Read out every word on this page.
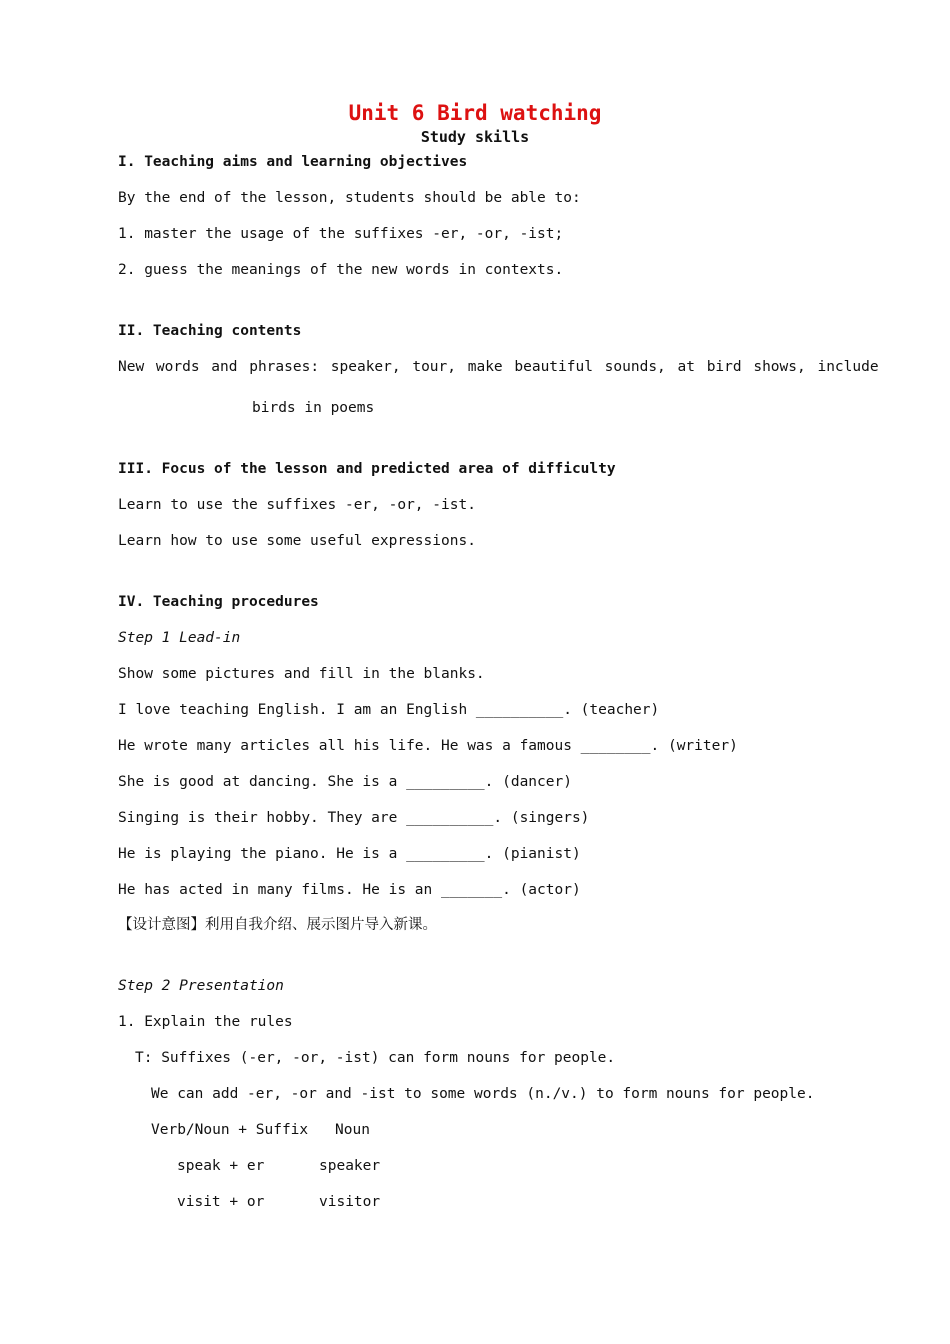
Unit 6 Bird watching
Study skills
I. Teaching aims and learning objectives
By the end of the lesson, students should be able to:
1. master the usage of the suffixes -er, -or, -ist;
2. guess the meanings of the new words in contexts.
II. Teaching contents
New words and phrases: speaker, tour, make beautiful sounds, at bird shows, include
birds in poems
III. Focus of the lesson and predicted area of difficulty
Learn to use the suffixes -er, -or, -ist.
Learn how to use some useful expressions.
IV. Teaching procedures
Step 1 Lead-in
Show some pictures and fill in the blanks.
I love teaching English. I am an English __________. (teacher)
He wrote many articles all his life. He was a famous ________. (writer)
She is good at dancing. She is a _________. (dancer)
Singing is their hobby. They are __________. (singers)
He is playing the piano. He is a _________. (pianist)
He has acted in many films. He is an _______. (actor)
【设计意图】利用自我介绍、展示图片导入新课。
Step 2 Presentation
1. Explain the rules
T: Suffixes (-er, -or, -ist) can form nouns for people.
We can add -er, -or and -ist to some words (n./v.) to form nouns for people.
Verb/Noun + Suffix Noun
speak + er	speaker
visit + or	visitor
